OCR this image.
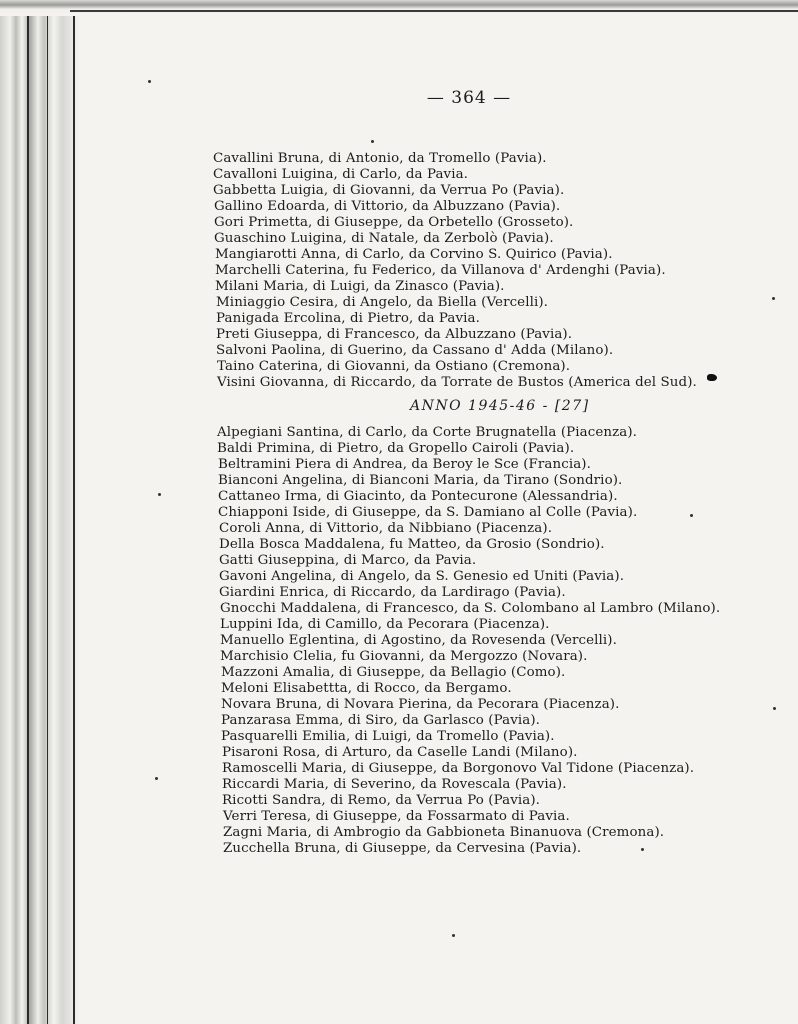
— 364 —
Cavallini Bruna, di Antonio, da Tromello (Pavia).
Cavalloni Luigina, di Carlo, da Pavia.
Gabbetta Luigia, di Giovanni, da Verrua Po (Pavia).
Gallino Edoarda, di Vittorio, da Albuzzano (Pavia).
Gori Primetta, di Giuseppe, da Orbetello (Grosseto).
Guaschino Luigina, di Natale, da Zerbolò (Pavia).
Mangiarotti Anna, di Carlo, da Corvino S. Quirico (Pavia).
Marchelli Caterina, fu Federico, da Villanova d' Ardenghi (Pavia).
Milani Maria, di Luigi, da Zinasco (Pavia).
Miniaggio Cesira, di Angelo, da Biella (Vercelli).
Panigada Ercolina, di Pietro, da Pavia.
Preti Giuseppa, di Francesco, da Albuzzano (Pavia).
Salvoni Paolina, di Guerino, da Cassano d' Adda (Milano).
Taino Caterina, di Giovanni, da Ostiano (Cremona).
Visini Giovanna, di Riccardo, da Torrate de Bustos (America del Sud).
ANNO 1945-46 - [27]
Alpegiani Santina, di Carlo, da Corte Brugnatella (Piacenza).
Baldi Primina, di Pietro, da Gropello Cairoli (Pavia).
Beltramini Piera di Andrea, da Beroy le Sce (Francia).
Bianconi Angelina, di Bianconi Maria, da Tirano (Sondrio).
Cattaneo Irma, di Giacinto, da Pontecurone (Alessandria).
Chiapponi Iside, di Giuseppe, da S. Damiano al Colle (Pavia).
Coroli Anna, di Vittorio, da Nibbiano (Piacenza).
Della Bosca Maddalena, fu Matteo, da Grosio (Sondrio).
Gatti Giuseppina, di Marco, da Pavia.
Gavoni Angelina, di Angelo, da S. Genesio ed Uniti (Pavia).
Giardini Enrica, di Riccardo, da Lardirago (Pavia).
Gnocchi Maddalena, di Francesco, da S. Colombano al Lambro (Milano).
Luppini Ida, di Camillo, da Pecorara (Piacenza).
Manuello Eglentina, di Agostino, da Rovesenda (Vercelli).
Marchisio Clelia, fu Giovanni, da Mergozzo (Novara).
Mazzoni Amalia, di Giuseppe, da Bellagio (Como).
Meloni Elisabettta, di Rocco, da Bergamo.
Novara Bruna, di Novara Pierina, da Pecorara (Piacenza).
Panzarasa Emma, di Siro, da Garlasco (Pavia).
Pasquarelli Emilia, di Luigi, da Tromello (Pavia).
Pisaroni Rosa, di Arturo, da Caselle Landi (Milano).
Ramoscelli Maria, di Giuseppe, da Borgonovo Val Tidone (Piacenza).
Riccardi Maria, di Severino, da Rovescala (Pavia).
Ricotti Sandra, di Remo, da Verrua Po (Pavia).
Verri Teresa, di Giuseppe, da Fossarmato di Pavia.
Zagni Maria, di Ambrogio da Gabbioneta Binanuova (Cremona).
Zucchella Bruna, di Giuseppe, da Cervesina (Pavia).
